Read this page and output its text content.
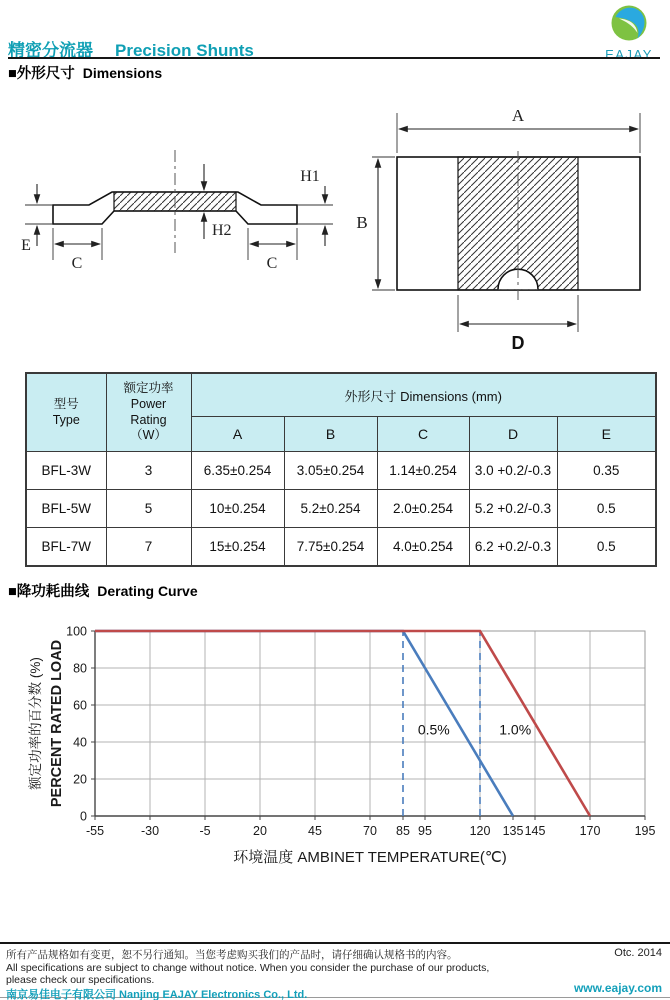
EAJAY
精密分流器 Precision Shunts
■外形尺寸 Dimensions
E
H1
H2
C	C
A
B
D
型号
Type

额定功率
Power
Rating
（W）
	外形尺寸 Dimensions (mm)
		A	B	C	D	E
BFL-3W	3	6.35±0.254	3.05±0.254	1.14±0.254	3.0 +0.2/-0.3	0.35
BFL-5W	5	10±0.254	5.2±0.254	2.0±0.254	5.2 +0.2/-0.3	0.5
BFL-7W	7	15±0.254	7.75±0.254	4.0±0.254	6.2 +0.2/-0.3	0.5
■降功耗曲线 Derating Curve
-55	-30	-5	20	45	70 85 95	120 135 145	170	195
0
20
40
60
80
100
0.5%	1.0%
环境温度 AMBINET TEMPERATURE(℃)
额定功率的百分数 (%) PERCENT RATED LOAD
所有产品规格如有变更，恕不另行通知。当您考虑购买我们的产品时，请仔细确认规格书的内容。
All specifications are subject to change without notice. When you consider the purchase of our products,
please check our specifications.
南京易佳电子有限公司 Nanjing EAJAY Electronics Co., Ltd.
Otc. 2014
www.eajay.com
